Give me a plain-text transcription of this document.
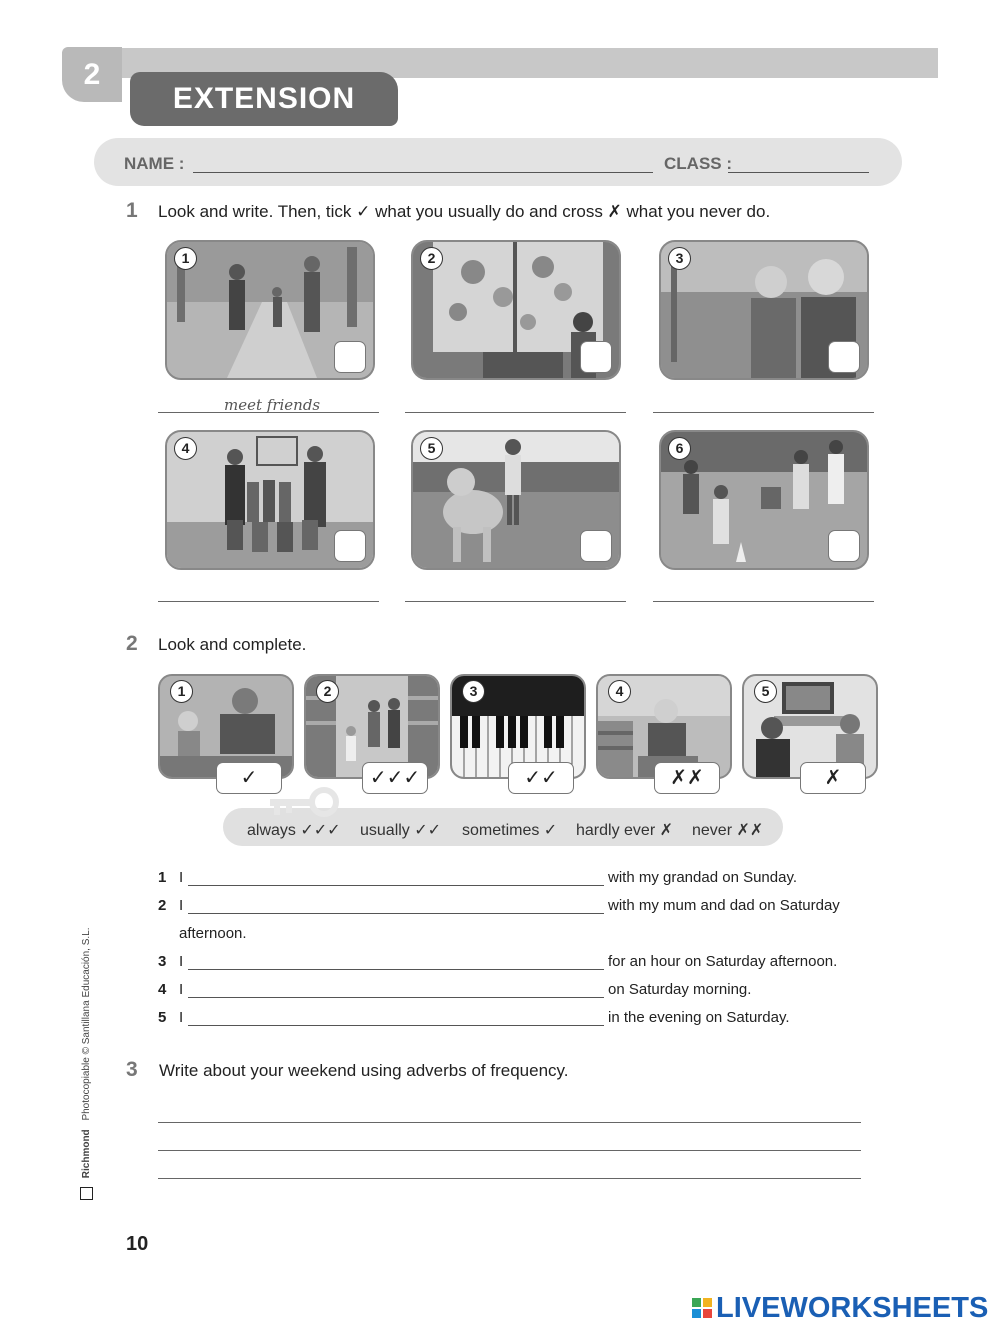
2
EXTENSION
NAME :	CLASS :
1 Look and write. Then, tick ✓ what you usually do and cross ✗ what you never do.
1	2	3
meet friends
4	5	6
2 Look and complete.
1
✓
2
✓✓✓
3
✓✓
4
✗✗
5
✗
always ✓✓✓ usually ✓✓ sometimes ✓ hardly ever ✗ never ✗✗
1 I	with my grandad on Sunday.
2 I	with my mum and dad on Saturday
afternoon.
3 I	for an hour on Saturday afternoon.
4 I	on Saturday morning.
5 I	in the evening on Saturday.
3 Write about your weekend using adverbs of frequency.
Richmond Photocopiable © Santillana Educación, S.L.
10
LIVEWORKSHEETS
